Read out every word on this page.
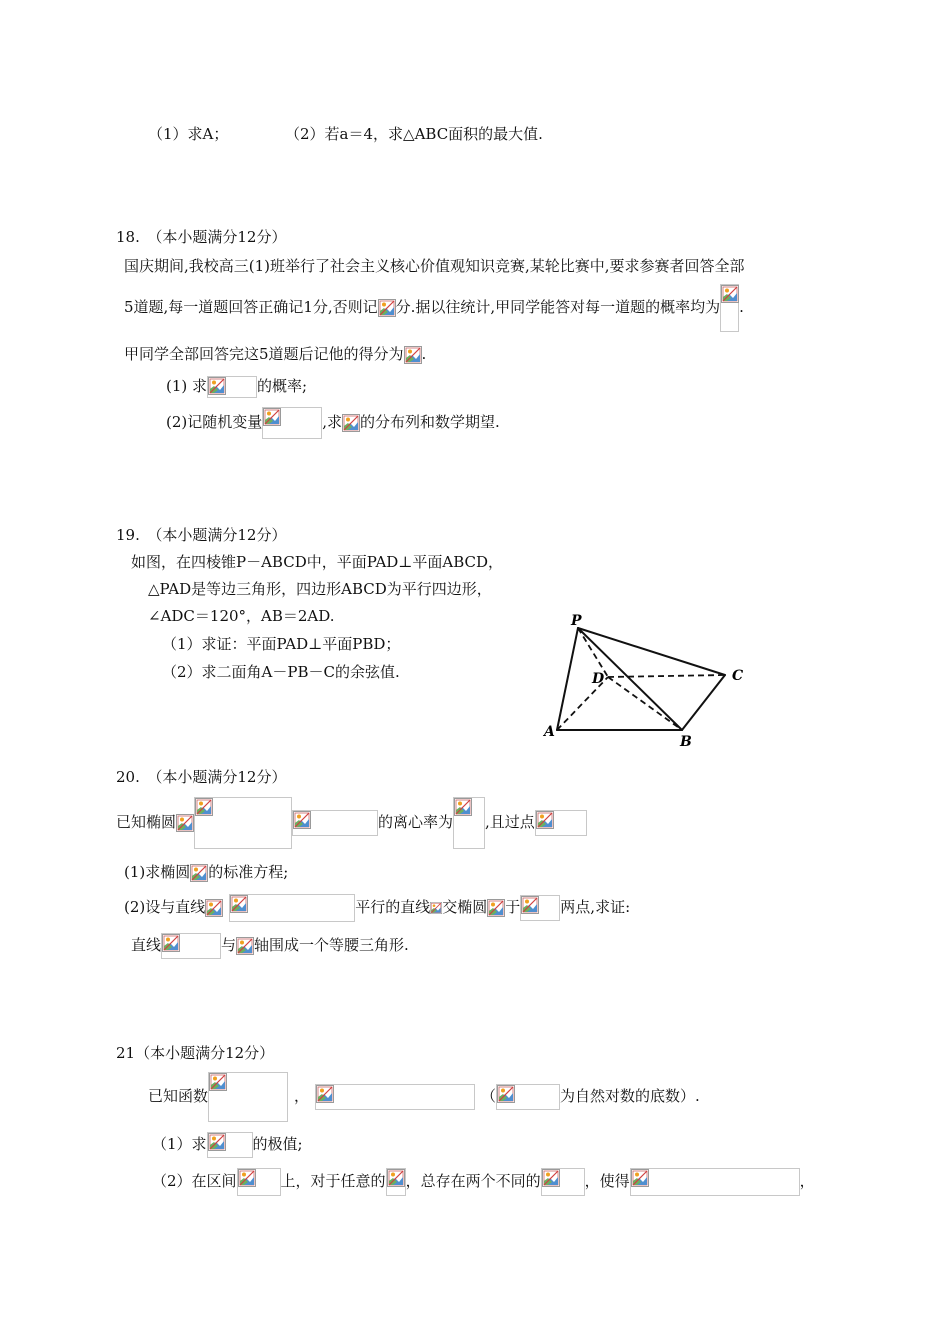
（1）求A；	（2）若a＝4，求△ABC面积的最大值.
18.　（本小题满分12分）
国庆期间,我校高三(1)班举行了社会主义核心价值观知识竞赛,某轮比赛中,要求参赛者回答全部
5道题,每一道题回答正确记1分,否则记 分.据以往统计,甲同学能答对每一道题的概率均为 .
甲同学全部回答完这5道题后记他的得分为 .
(1) 求	的概率;
(2)记随机变量	,求 的分布列和数学期望.
19.　（本小题满分12分）
如图，在四棱锥P－ABCD中，平面PAD⊥平面ABCD，
△PAD是等边三角形，四边形ABCD为平行四边形，
∠ADC＝120°，AB＝2AD.
（1）求证：平面PAD⊥平面PBD；
（2）求二面角A－PB－C的余弦值.
P
D	C
A
B
20.　（本小题满分12分）
已知椭圆	的离心率为 ,且过点
(1)求椭圆 的标准方程;
(2)设与直线	平行的直线 交椭圆 于	两点,求证:
直线	与 轴围成一个等腰三角形.
21（本小题满分12分）
已知函数	，	（	为自然对数的底数）.
（1）求	的极值;
（2）在区间	上，对于任意的 ，总存在两个不同的	，使得	，
